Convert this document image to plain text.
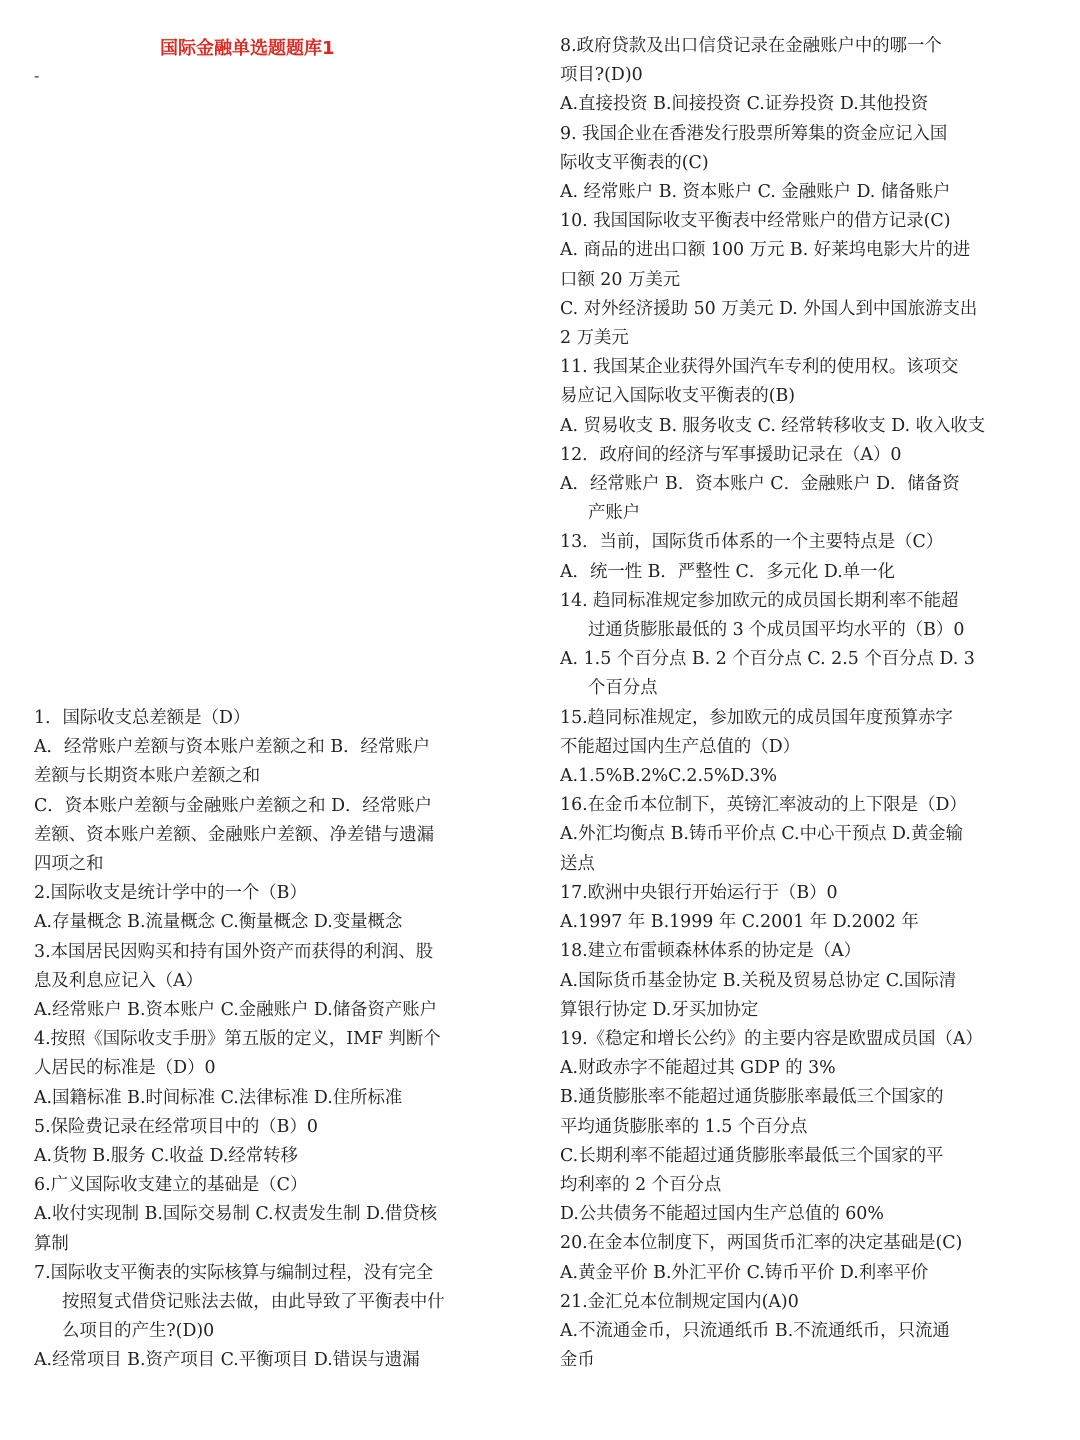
国际金融单选题题库1
-
1．国际收支总差额是（D）
A．经常账户差额与资本账户差额之和 B．经常账户
差额与长期资本账户差额之和
C．资本账户差额与金融账户差额之和 D．经常账户
差额、资本账户差额、金融账户差额、净差错与遗漏
四项之和
2.国际收支是统计学中的一个（B）
A.存量概念 B.流量概念 C.衡量概念 D.变量概念
3.本国居民因购买和持有国外资产而获得的利润、股
息及利息应记入（A）
A.经常账户 B.资本账户 C.金融账户 D.储备资产账户
4.按照《国际收支手册》第五版的定义，IMF 判断个
人居民的标准是（D）0
A.国籍标准 B.时间标准 C.法律标准 D.住所标准
5.保险费记录在经常项目中的（B）0
A.货物 B.服务 C.收益 D.经常转移
6.广义国际收支建立的基础是（C）
A.收付实现制 B.国际交易制 C.权责发生制 D.借贷核
算制
7.国际收支平衡表的实际核算与编制过程，没有完全
按照复式借贷记账法去做，由此导致了平衡表中什
么项目的产生?(D)0
A.经常项目 B.资产项目 C.平衡项目 D.错误与遗漏
8.政府贷款及出口信贷记录在金融账户中的哪一个
项目?(D)0
A.直接投资 B.间接投资 C.证券投资 D.其他投资
9. 我国企业在香港发行股票所筹集的资金应记入国
际收支平衡表的(C)
A. 经常账户 B. 资本账户 C. 金融账户 D. 储备账户
10. 我国国际收支平衡表中经常账户的借方记录(C)
A. 商品的进出口额 100 万元 B. 好莱坞电影大片的进
口额 20 万美元
C. 对外经济援助 50 万美元 D. 外国人到中国旅游支出
2 万美元
11. 我国某企业获得外国汽车专利的使用权。该项交
易应记入国际收支平衡表的(B)
A. 贸易收支 B. 服务收支 C. 经常转移收支 D. 收入收支
12．政府间的经济与军事援助记录在（A）0
A．经常账户 B．资本账户 C．金融账户 D．储备资
产账户
13．当前，国际货币体系的一个主要特点是（C）
A．统一性 B．严整性 C．多元化 D.单一化
14. 趋同标准规定参加欧元的成员国长期利率不能超
过通货膨胀最低的 3 个成员国平均水平的（B）0
A. 1.5 个百分点 B. 2 个百分点 C. 2.5 个百分点 D. 3
个百分点
15.趋同标准规定，参加欧元的成员国年度预算赤字
不能超过国内生产总值的（D）
A.1.5%B.2%C.2.5%D.3%
16.在金币本位制下，英镑汇率波动的上下限是（D）
A.外汇均衡点 B.铸币平价点 C.中心干预点 D.黄金输
送点
17.欧洲中央银行开始运行于（B）0
A.1997 年 B.1999 年 C.2001 年 D.2002 年
18.建立布雷顿森林体系的协定是（A）
A.国际货币基金协定 B.关税及贸易总协定 C.国际清
算银行协定 D.牙买加协定
19.《稳定和增长公约》的主要内容是欧盟成员国（A）
A.财政赤字不能超过其 GDP 的 3%
B.通货膨胀率不能超过通货膨胀率最低三个国家的
平均通货膨胀率的 1.5 个百分点
C.长期利率不能超过通货膨胀率最低三个国家的平
均利率的 2 个百分点
D.公共债务不能超过国内生产总值的 60%
20.在金本位制度下，两国货币汇率的决定基础是(C)
A.黄金平价 B.外汇平价 C.铸币平价 D.利率平价
21.金汇兑本位制规定国内(A)0
A.不流通金币，只流通纸币 B.不流通纸币，只流通
金币
